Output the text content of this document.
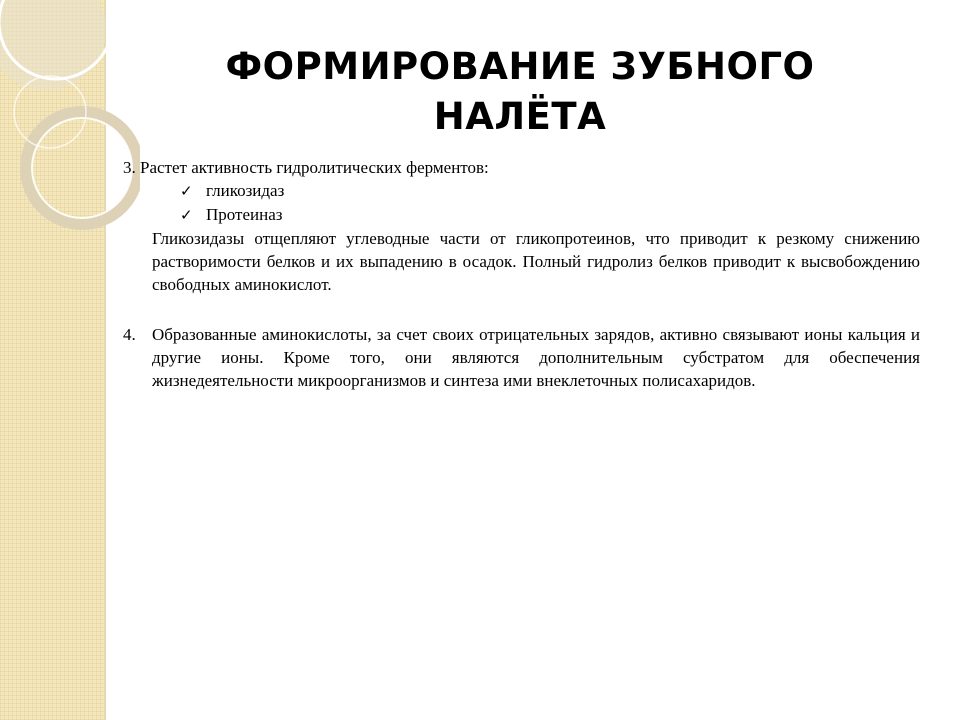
ФОРМИРОВАНИЕ ЗУБНОГО НАЛЁТА

3. Растет активность гидролитических ферментов:

✓ гликозидаз
✓ Протеиназ

Гликозидазы отщепляют углеводные части от гликопротеинов, что приводит к резкому снижению растворимости белков и их выпадению в осадок. Полный гидролиз белков приводит к высвобождению свободных аминокислот.

4. Образованные аминокислоты, за счет своих отрицательных зарядов, активно связывают ионы кальция и другие ионы. Кроме того, они являются дополнительным субстратом для обеспечения жизнедеятельности микроорганизмов и синтеза ими внеклеточных полисахаридов.
